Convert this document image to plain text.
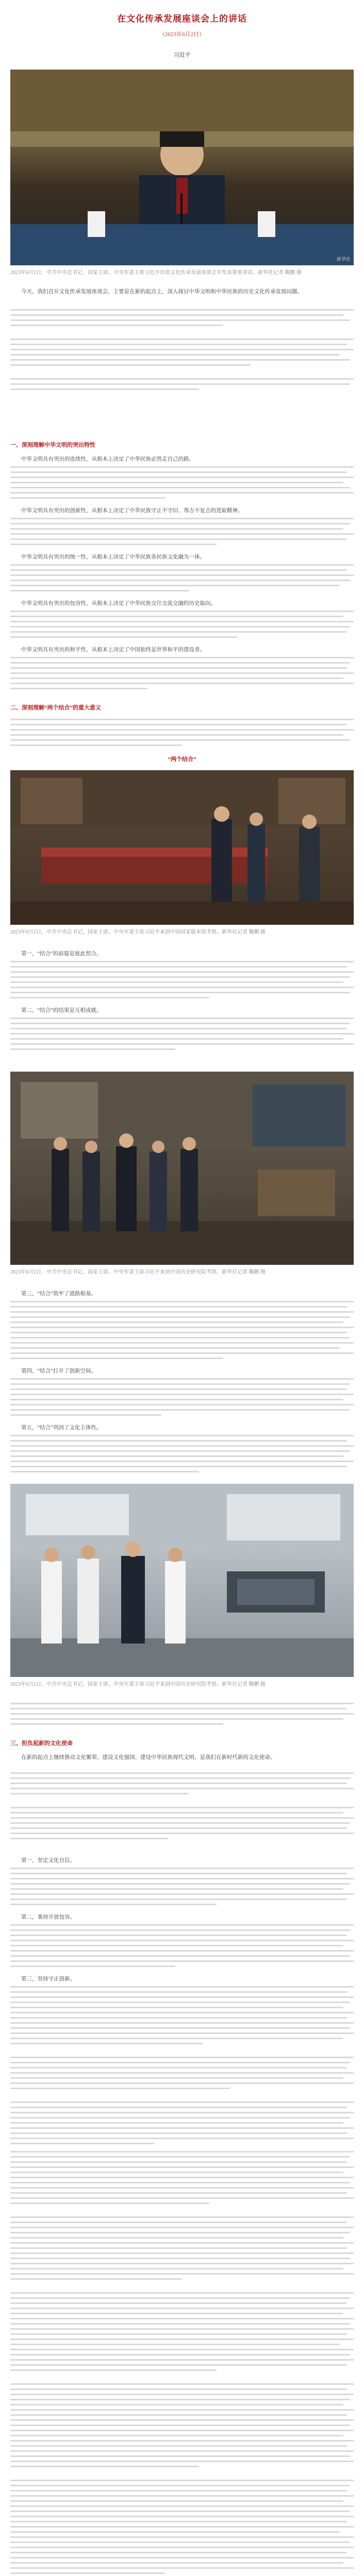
在文化传承发展座谈会上的讲话
（2023年6月2日）
习近平
新华社
2023年6月2日，中共中央总书记、国家主席、中央军委主席习近平出席文化传承发展座谈会并发表重要讲话。新华社记者 鞠鹏 摄
今天，我们召开文化传承发展座谈会，主要是在新的起点上，深入探讨中华文明和中华民族的历史文化传承发展问题。
一、深刻理解中华文明的突出特性
中华文明具有突出的连续性，从根本上决定了中华民族必然走自己的路。
中华文明具有突出的创新性，从根本上决定了中华民族守正不守旧、尊古不复古的进取精神。
中华文明具有突出的统一性，从根本上决定了中华民族各民族文化融为一体。
中华文明具有突出的包容性，从根本上决定了中华民族交往交流交融的历史取向。
中华文明具有突出的和平性，从根本上决定了中国始终是世界和平的建设者。
二、深刻理解“两个结合”的重大意义
“两个结合”
2023年6月2日，中共中央总书记、国家主席、中央军委主席习近平来到中国国家版本馆考察。新华社记者 鞠鹏 摄
第一，“结合”的前提是彼此契合。
第二，“结合”的结果是互相成就。
2023年6月2日，中共中央总书记、国家主席、中央军委主席习近平来到中国历史研究院考察。新华社记者 鞠鹏 摄
第三，“结合”筑牢了道路根基。
第四，“结合”打开了创新空间。
第五，“结合”巩固了文化主体性。
2023年6月2日，中共中央总书记、国家主席、中央军委主席习近平来到中国历史研究院考察。新华社记者 鞠鹏 摄
三、担负起新的文化使命
在新的起点上继续推动文化繁荣、建设文化强国、建设中华民族现代文明，是我们在新时代新的文化使命。
第一，坚定文化自信。
第二，秉持开放包容。
第三，坚持守正创新。
